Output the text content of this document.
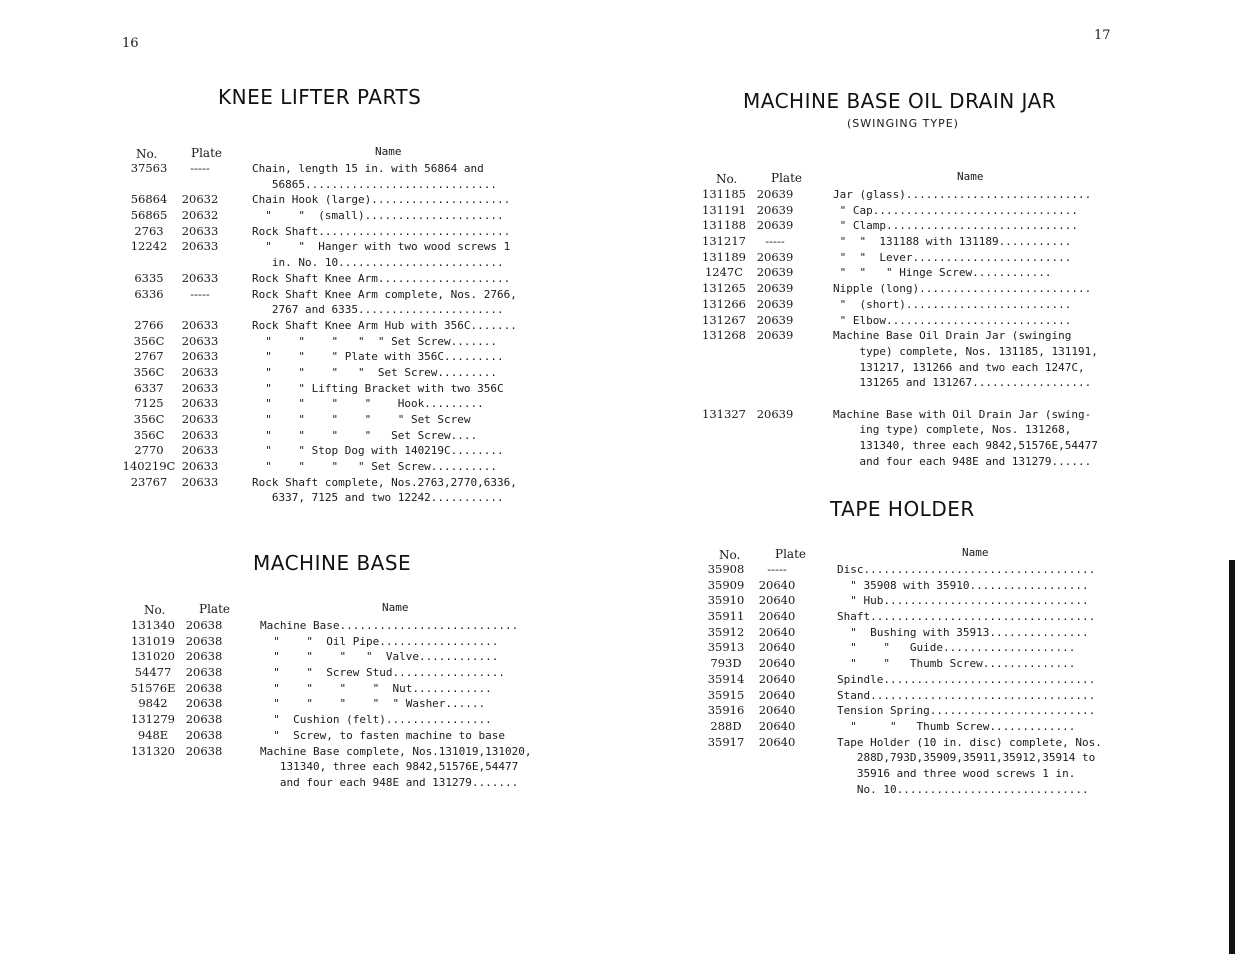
16
KNEE LIFTER PARTS
No.	Plate	Name
37563	-----	Chain, length 15 in. with 56864 and
56865.............................
56864	20632	Chain Hook (large).....................
56865	20632	"    "  (small).....................
2763	20633	Rock Shaft.............................
12242	20633	"    "  Hanger with two wood screws 1
in. No. 10.........................
6335	20633	Rock Shaft Knee Arm....................
6336	-----	Rock Shaft Knee Arm complete, Nos. 2766,
2767 and 6335......................
2766	20633	Rock Shaft Knee Arm Hub with 356C.......
356C	20633	"    "    "   "  " Set Screw.......
2767	20633	"    "    " Plate with 356C.........
356C	20633	"    "    "   "  Set Screw.........
6337	20633	"    " Lifting Bracket with two 356C
7125	20633	"    "    "    "    Hook.........
356C	20633	"    "    "    "    " Set Screw
356C	20633	"    "    "    "   Set Screw....
2770	20633	"    " Stop Dog with 140219C........
140219C 20633	"    "    "   " Set Screw..........
23767	20633	Rock Shaft complete, Nos.2763,2770,6336,
6337, 7125 and two 12242...........
MACHINE BASE
No.	Plate	Name
131340 20638	Machine Base...........................
131019 20638	"    "  Oil Pipe..................
131020 20638	"    "    "   "  Valve............
54477	20638	"    "  Screw Stud.................
51576E 20638	"    "    "    "  Nut............
9842	20638	"    "    "    "  " Washer......
131279 20638	"  Cushion (felt)................
948E	20638	"  Screw, to fasten machine to base
131320 20638	Machine Base complete, Nos.131019,131020,
131340, three each 9842,51576E,54477
and four each 948E and 131279.......
17
MACHINE BASE OIL DRAIN JAR
(SWINGING TYPE)
No.	Plate	Name
131185 20639	Jar (glass)............................
131191 20639	" Cap...............................
131188 20639	" Clamp.............................
131217	-----	"  "  131188 with 131189...........
131189 20639	"  "  Lever........................
1247C	20639	"  "   " Hinge Screw............
131265 20639	Nipple (long)..........................
131266 20639	"  (short).........................
131267 20639	" Elbow............................
131268 20639	Machine Base Oil Drain Jar (swinging
type) complete, Nos. 131185, 131191,
131217, 131266 and two each 1247C,
131265 and 131267..................
131327 20639	Machine Base with Oil Drain Jar (swing-
ing type) complete, Nos. 131268,
131340, three each 9842,51576E,54477
and four each 948E and 131279......
TAPE HOLDER
No.	Plate	Name
35908	-----	Disc...................................
35909	20640	" 35908 with 35910..................
35910	20640	" Hub...............................
35911	20640	Shaft..................................
35912	20640	"  Bushing with 35913...............
35913	20640	"    "   Guide....................
793D	20640	"    "   Thumb Screw..............
35914	20640	Spindle................................
35915	20640	Stand..................................
35916	20640	Tension Spring.........................
288D	20640	"     "   Thumb Screw.............
35917	20640	Tape Holder (10 in. disc) complete, Nos.
288D,793D,35909,35911,35912,35914 to
35916 and three wood screws 1 in.
No. 10.............................
